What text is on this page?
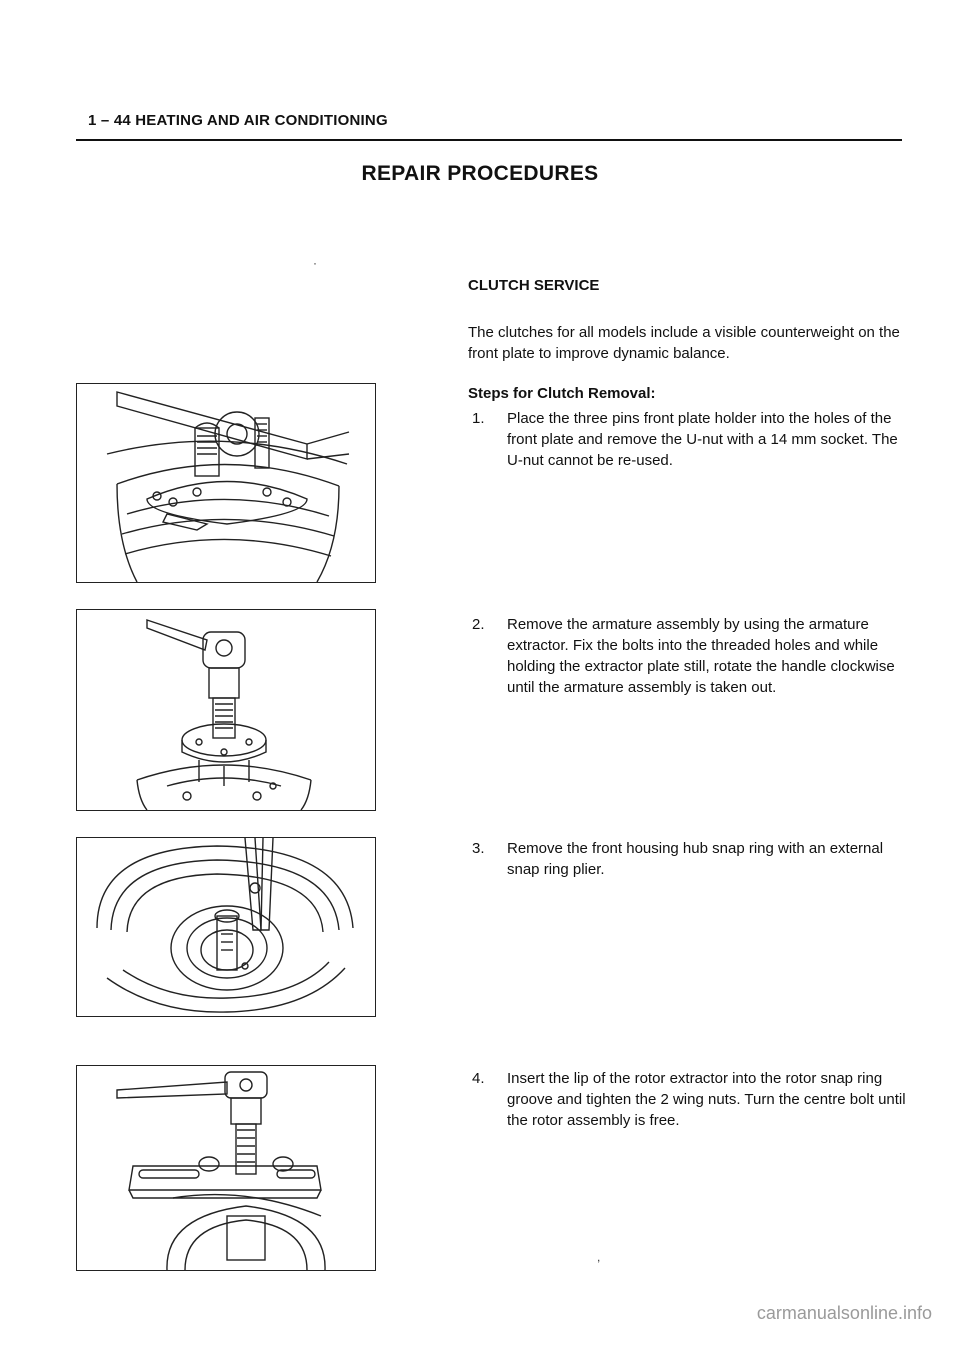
1 – 44 HEATING AND AIR CONDITIONING
REPAIR PROCEDURES
CLUTCH SERVICE
The clutches for all models include a visible counterweight on the front plate to improve dynamic balance.
Steps for Clutch Removal:
1. Place the three pins front plate holder into the holes of the front plate and remove the U-nut with a 14 mm socket. The U-nut cannot be re-used.
2. Remove the armature assembly by using the armature extractor. Fix the bolts into the threaded holes and while holding the extractor plate still, rotate the handle clockwise until the armature assembly is taken out.
3. Remove the front housing hub snap ring with an external snap ring plier.
4. Insert the lip of the rotor extractor into the rotor snap ring groove and tighten the 2 wing nuts. Turn the centre bolt until the rotor assembly is free.
·
,
carmanualsonline.info
